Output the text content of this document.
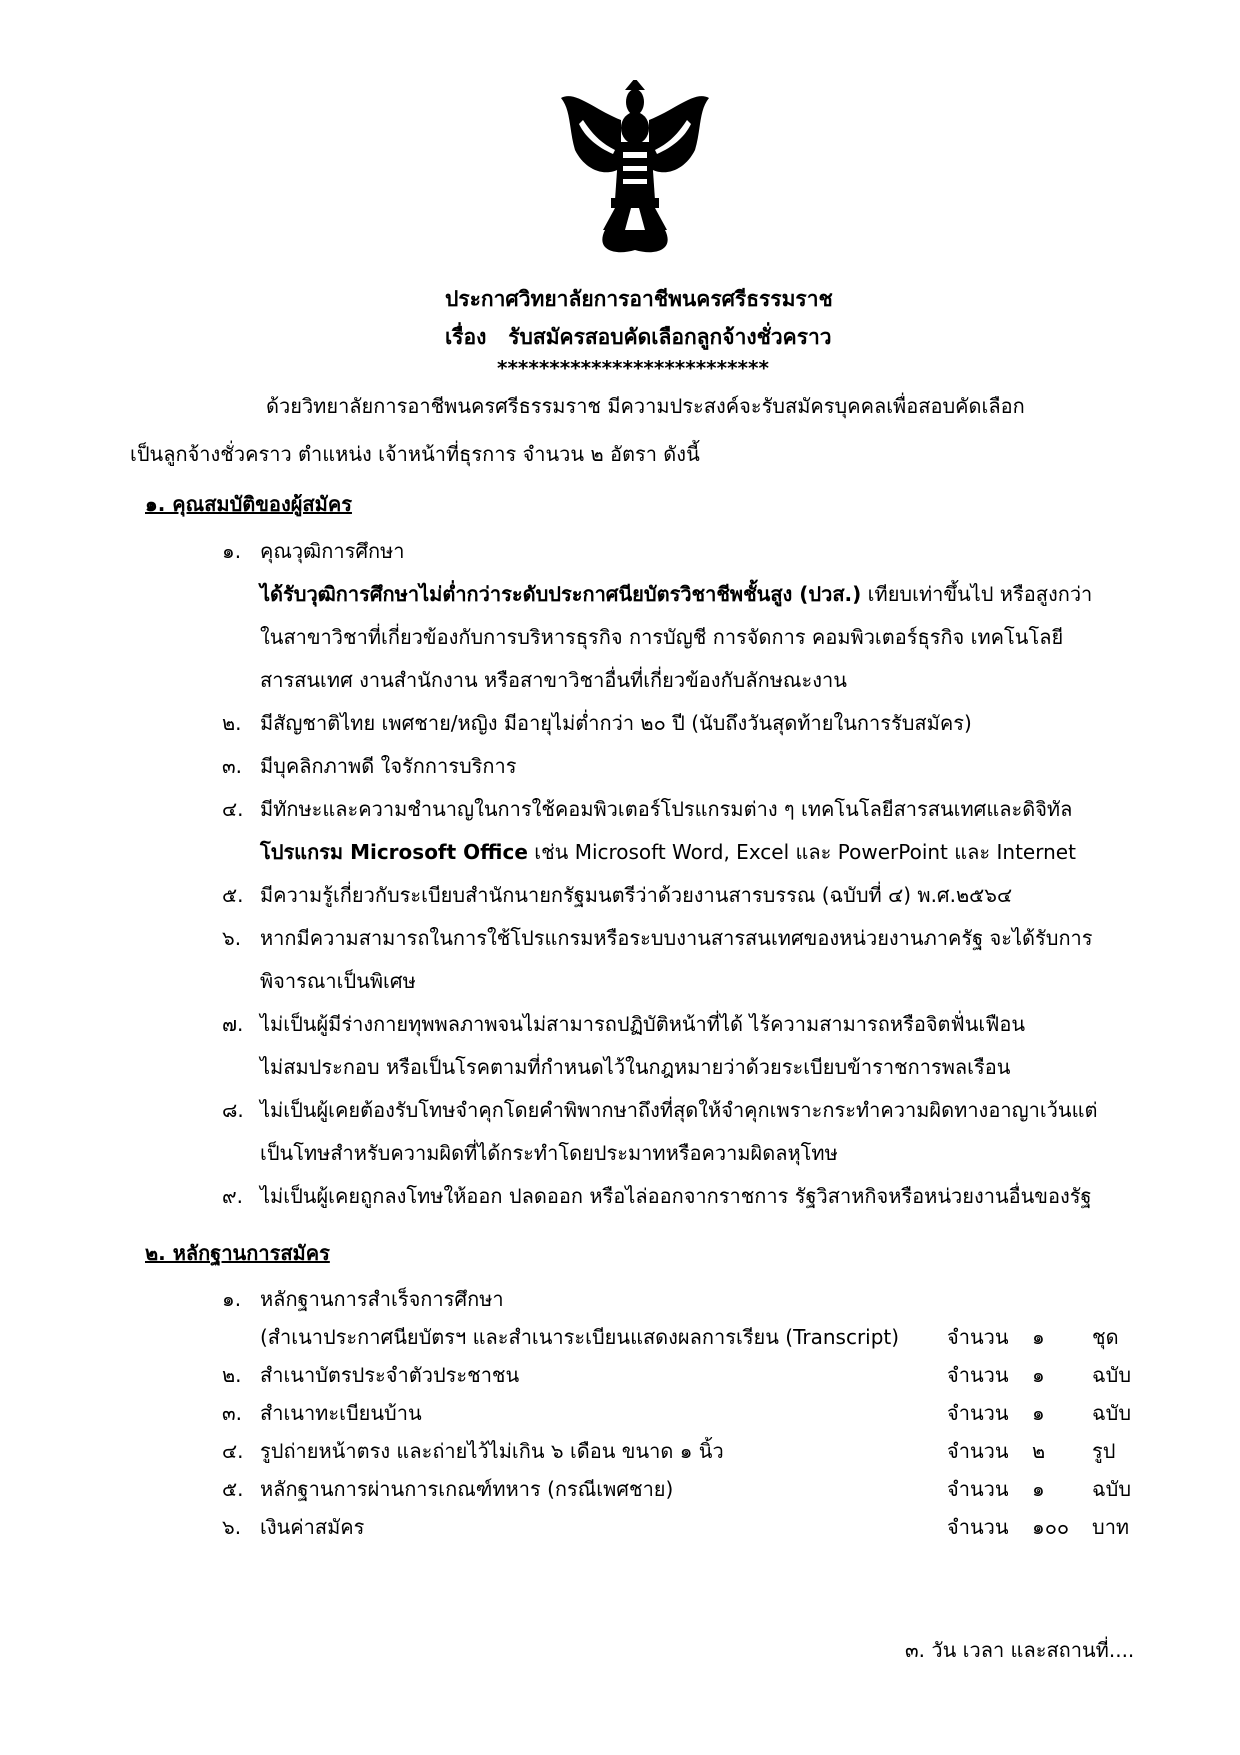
ประกาศวิทยาลัยการอาชีพนครศรีธรรมราช
เรื่อง รับสมัครสอบคัดเลือกลูกจ้างชั่วคราว
**************************

ด้วยวิทยาลัยการอาชีพนครศรีธรรมราช มีความประสงค์จะรับสมัครบุคคลเพื่อสอบคัดเลือก

เป็นลูกจ้างชั่วคราว ตำแหน่ง เจ้าหน้าที่ธุรการ จำนวน ๒ อัตรา ดังนี้

๑. คุณสมบัติของผู้สมัคร
๑. คุณวุฒิการศึกษา
ได้รับวุฒิการศึกษาไม่ต่ำกว่าระดับประกาศนียบัตรวิชาชีพชั้นสูง (ปวส.) เทียบเท่าขึ้นไป หรือสูงกว่า
ในสาขาวิชาที่เกี่ยวข้องกับการบริหารธุรกิจ การบัญชี การจัดการ คอมพิวเตอร์ธุรกิจ เทคโนโลยี
สารสนเทศ งานสำนักงาน หรือสาขาวิชาอื่นที่เกี่ยวข้องกับลักษณะงาน
๒. มีสัญชาติไทย เพศชาย/หญิง มีอายุไม่ต่ำกว่า ๒๐ ปี (นับถึงวันสุดท้ายในการรับสมัคร)
๓. มีบุคลิกภาพดี ใจรักการบริการ
๔. มีทักษะและความชำนาญในการใช้คอมพิวเตอร์โปรแกรมต่าง ๆ เทคโนโลยีสารสนเทศและดิจิทัล
โปรแกรม Microsoft Office เช่น Microsoft Word, Excel และ PowerPoint และ Internet
๕. มีความรู้เกี่ยวกับระเบียบสำนักนายกรัฐมนตรีว่าด้วยงานสารบรรณ (ฉบับที่ ๔) พ.ศ.๒๕๖๔
๖. หากมีความสามารถในการใช้โปรแกรมหรือระบบงานสารสนเทศของหน่วยงานภาครัฐ จะได้รับการ
พิจารณาเป็นพิเศษ
๗. ไม่เป็นผู้มีร่างกายทุพพลภาพจนไม่สามารถปฏิบัติหน้าที่ได้ ไร้ความสามารถหรือจิตฟั่นเฟือน
ไม่สมประกอบ หรือเป็นโรคตามที่กำหนดไว้ในกฎหมายว่าด้วยระเบียบข้าราชการพลเรือน
๘. ไม่เป็นผู้เคยต้องรับโทษจำคุกโดยคำพิพากษาถึงที่สุดให้จำคุกเพราะกระทำความผิดทางอาญาเว้นแต่
เป็นโทษสำหรับความผิดที่ได้กระทำโดยประมาทหรือความผิดลหุโทษ
๙. ไม่เป็นผู้เคยถูกลงโทษให้ออก ปลดออก หรือไล่ออกจากราชการ รัฐวิสาหกิจหรือหน่วยงานอื่นของรัฐ
๒. หลักฐานการสมัคร
๑. หลักฐานการสำเร็จการศึกษา
(สำเนาประกาศนียบัตรฯ และสำเนาระเบียนแสดงผลการเรียน (Transcript) จำนวน ๑ ชุด
๒. สำเนาบัตรประจำตัวประชาชน	จำนวน ๑ ฉบับ
๓. สำเนาทะเบียนบ้าน	จำนวน ๑ ฉบับ
๔. รูปถ่ายหน้าตรง และถ่ายไว้ไม่เกิน ๖ เดือน ขนาด ๑ นิ้ว	จำนวน ๒ รูป
๕. หลักฐานการผ่านการเกณฑ์ทหาร (กรณีเพศชาย)	จำนวน ๑ ฉบับ
๖. เงินค่าสมัคร	จำนวน ๑๐๐ บาท
๓. วัน เวลา และสถานที่....
